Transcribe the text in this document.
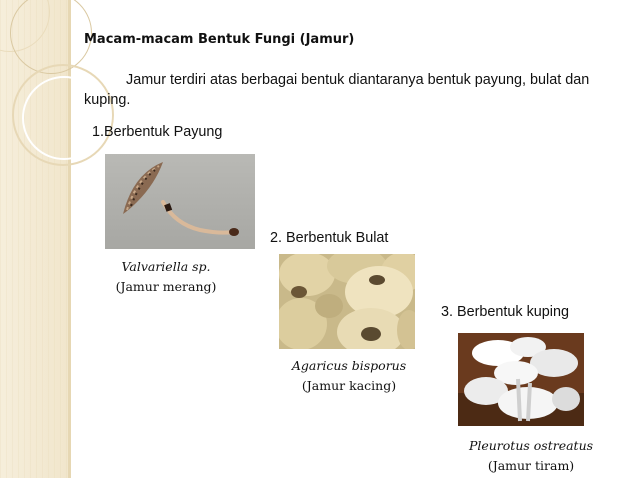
Macam-macam Bentuk Fungi (Jamur)
Jamur terdiri atas berbagai bentuk diantaranya bentuk payung, bulat dan kuping.
1.Berbentuk Payung
Valvariella sp.
(Jamur merang)
2. Berbentuk Bulat
Agaricus bisporus
(Jamur kacing)
3. Berbentuk kuping
Pleurotus ostreatus
(Jamur tiram)
